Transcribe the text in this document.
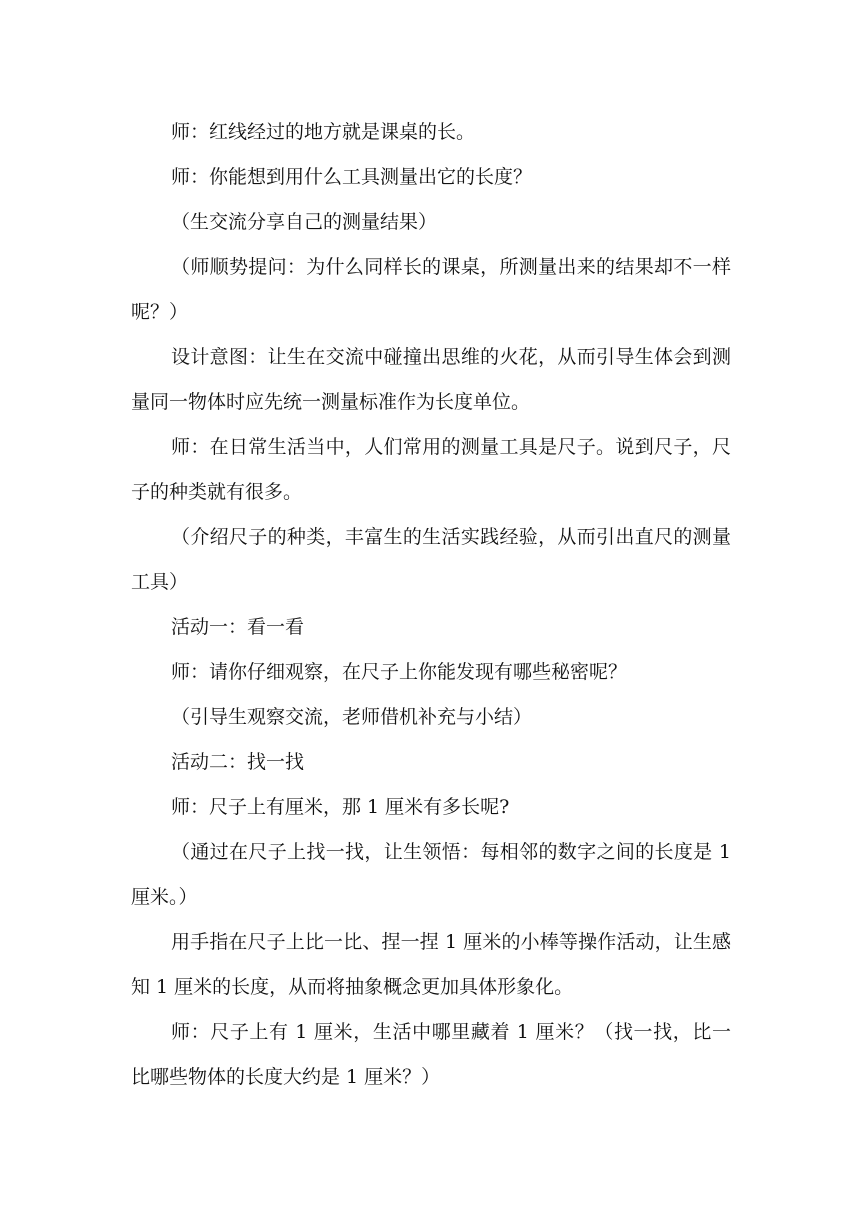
师：红线经过的地方就是课桌的长。

师：你能想到用什么工具测量出它的长度？

（生交流分享自己的测量结果）

（师顺势提问：为什么同样长的课桌，所测量出来的结果却不一样呢？）

设计意图：让生在交流中碰撞出思维的火花，从而引导生体会到测量同一物体时应先统一测量标准作为长度单位。

师：在日常生活当中，人们常用的测量工具是尺子。说到尺子，尺子的种类就有很多。

（介绍尺子的种类，丰富生的生活实践经验，从而引出直尺的测量工具）

活动一：看一看

师：请你仔细观察，在尺子上你能发现有哪些秘密呢？

（引导生观察交流，老师借机补充与小结）

活动二：找一找

师：尺子上有厘米，那 1 厘米有多长呢?

（通过在尺子上找一找，让生领悟：每相邻的数字之间的长度是 1 厘米。）

用手指在尺子上比一比、捏一捏 1 厘米的小棒等操作活动，让生感知 1 厘米的长度，从而将抽象概念更加具体形象化。

师：尺子上有 1 厘米，生活中哪里藏着 1 厘米？（找一找，比一比哪些物体的长度大约是 1 厘米？）
